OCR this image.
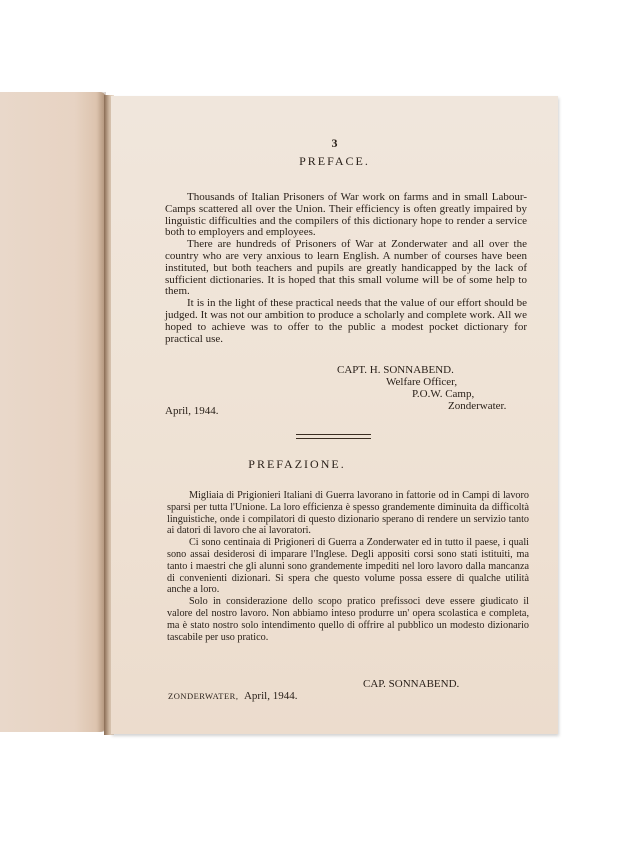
3
PREFACE.

Thousands of Italian Prisoners of War work on farms and in small Labour-Camps scattered all over the Union. Their efficiency is often greatly impaired by linguistic difficulties and the compilers of this dictionary hope to render a service both to employers and employees.

There are hundreds of Prisoners of War at Zonderwater and all over the country who are very anxious to learn English. A number of courses have been instituted, but both teachers and pupils are greatly handicapped by the lack of sufficient dictionaries. It is hoped that this small volume will be of some help to them.

It is in the light of these practical needs that the value of our effort should be judged. It was not our ambition to produce a scholarly and complete work. All we hoped to achieve was to offer to the public a modest pocket dictionary for practical use.

CAPT. H. SONNABEND.
Welfare Officer,
P.O.W. Camp,
Zonderwater.
April, 1944.
PREFAZIONE.

Migliaia di Prigionieri Italiani di Guerra lavorano in fattorie od in Campi di lavoro sparsi per tutta l'Unione. La loro efficienza è spesso grandemente diminuita da difficoltà linguistiche, onde i compilatori di questo dizionario sperano di rendere un servizio tanto ai datori di lavoro che ai lavoratori.

Ci sono centinaia di Prigioneri di Guerra a Zonderwater ed in tutto il paese, i quali sono assai desiderosi di imparare l'Inglese. Degli appositi corsi sono stati istituiti, ma tanto i maestri che gli alunni sono grandemente impediti nel loro lavoro dalla mancanza di convenienti dizionari. Si spera che questo volume possa essere di qualche utilità anche a loro.

Solo in considerazione dello scopo pratico prefissoci deve essere giudicato il valore del nostro lavoro. Non abbiamo inteso produrre un' opera scolastica e completa, ma è stato nostro solo intendimento quello di offrire al pubblico un modesto dizionario tascabile per uso pratico.

CAP. SONNABEND.
ZONDERWATER, April, 1944.
